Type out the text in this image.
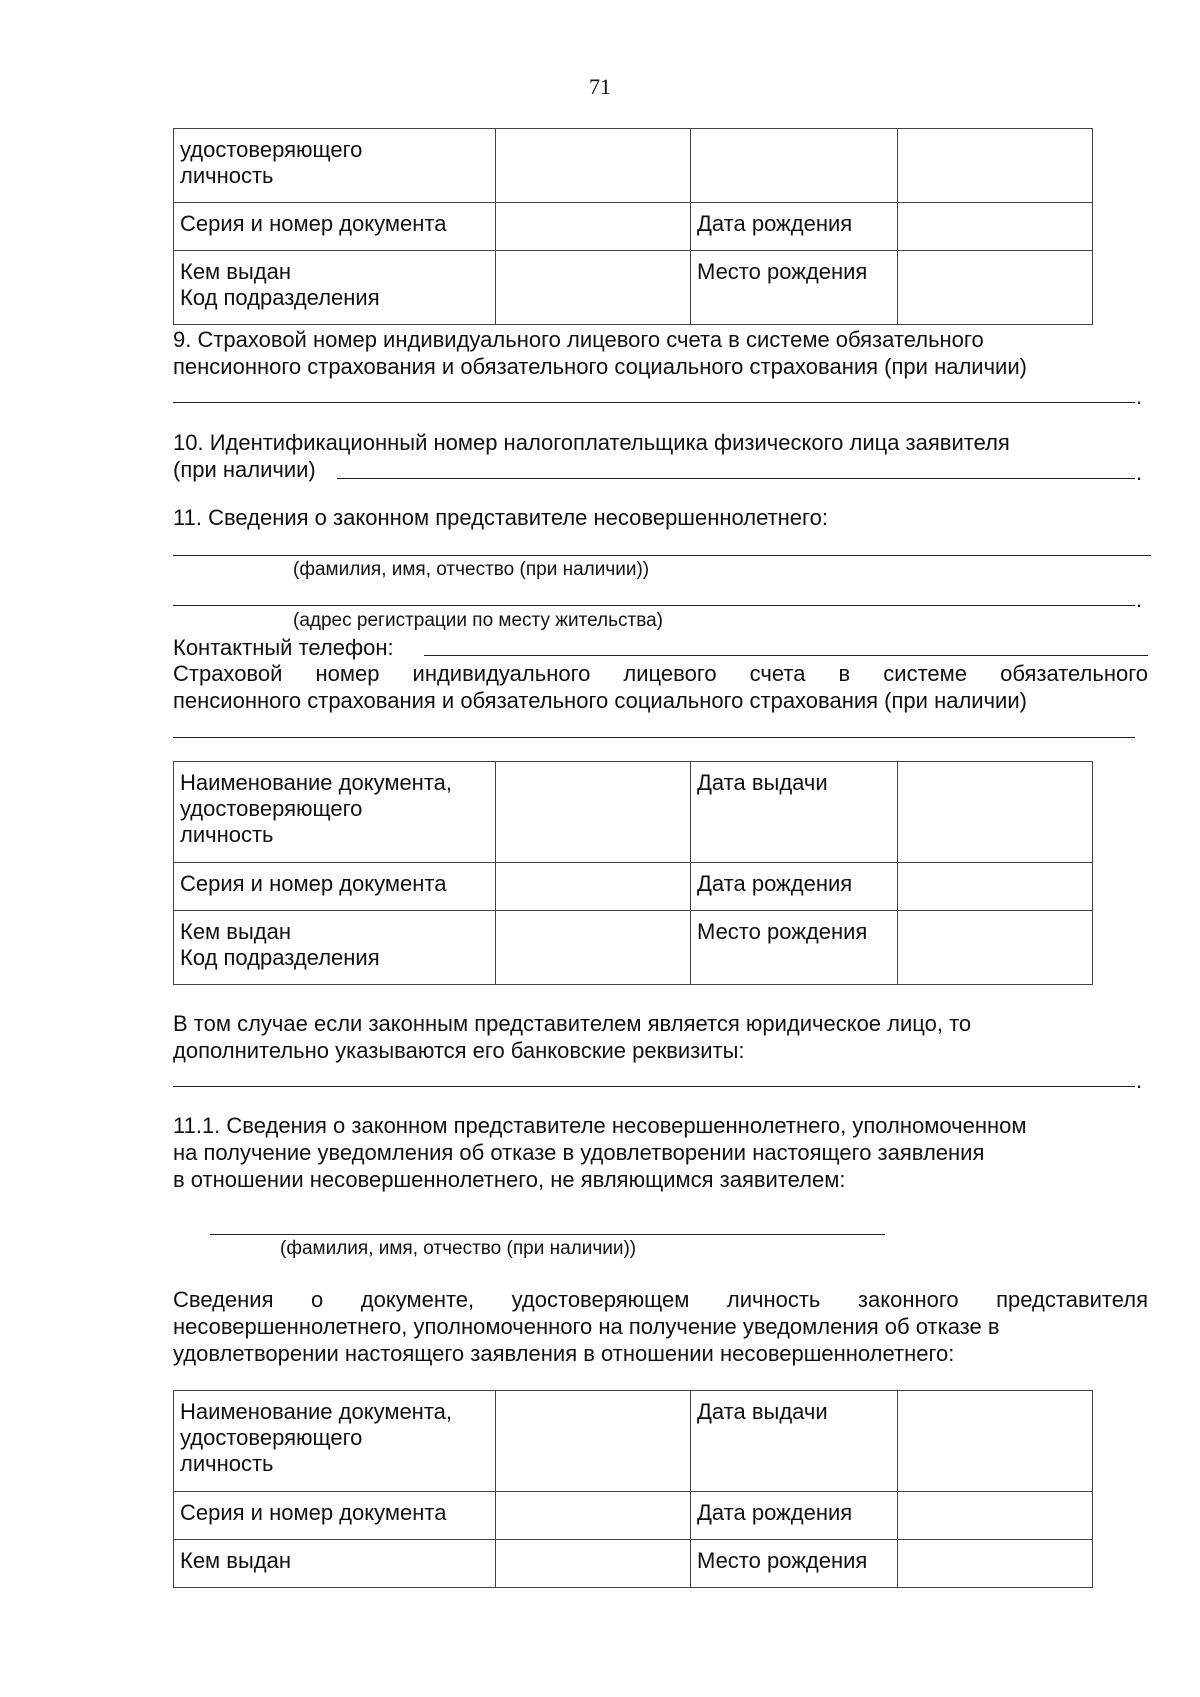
71
удостоверяющего
личность			
Серия и номер документа		Дата рождения	
Кем выдан
Код подразделения		Место рождения	
9. Страховой номер индивидуального лицевого счета в системе обязательного
пенсионного страхования и обязательного социального страхования (при наличии)
.
10. Идентификационный номер налогоплательщика физического лица заявителя
(при наличии)	.
11. Сведения о законном представителе несовершеннолетнего:
(фамилия, имя, отчество (при наличии))
.
(адрес регистрации по месту жительства)
Контактный телефон:
Страховой номер индивидуального лицевого счета в системе обязательного
пенсионного страхования и обязательного социального страхования (при наличии)
Наименование документа,
удостоверяющего
личность		Дата выдачи	
Серия и номер документа		Дата рождения	
Кем выдан
Код подразделения		Место рождения	
В том случае если законным представителем является юридическое лицо, то
дополнительно указываются его банковские реквизиты:
.
11.1. Сведения о законном представителе несовершеннолетнего, уполномоченном
на получение уведомления об отказе в удовлетворении настоящего заявления
в отношении несовершеннолетнего, не являющимся заявителем:
(фамилия, имя, отчество (при наличии))
Сведения о документе, удостоверяющем личность законного представителя
несовершеннолетнего, уполномоченного на получение уведомления об отказе в
удовлетворении настоящего заявления в отношении несовершеннолетнего:
Наименование документа,
удостоверяющего
личность		Дата выдачи	
Серия и номер документа		Дата рождения	
Кем выдан		Место рождения	
